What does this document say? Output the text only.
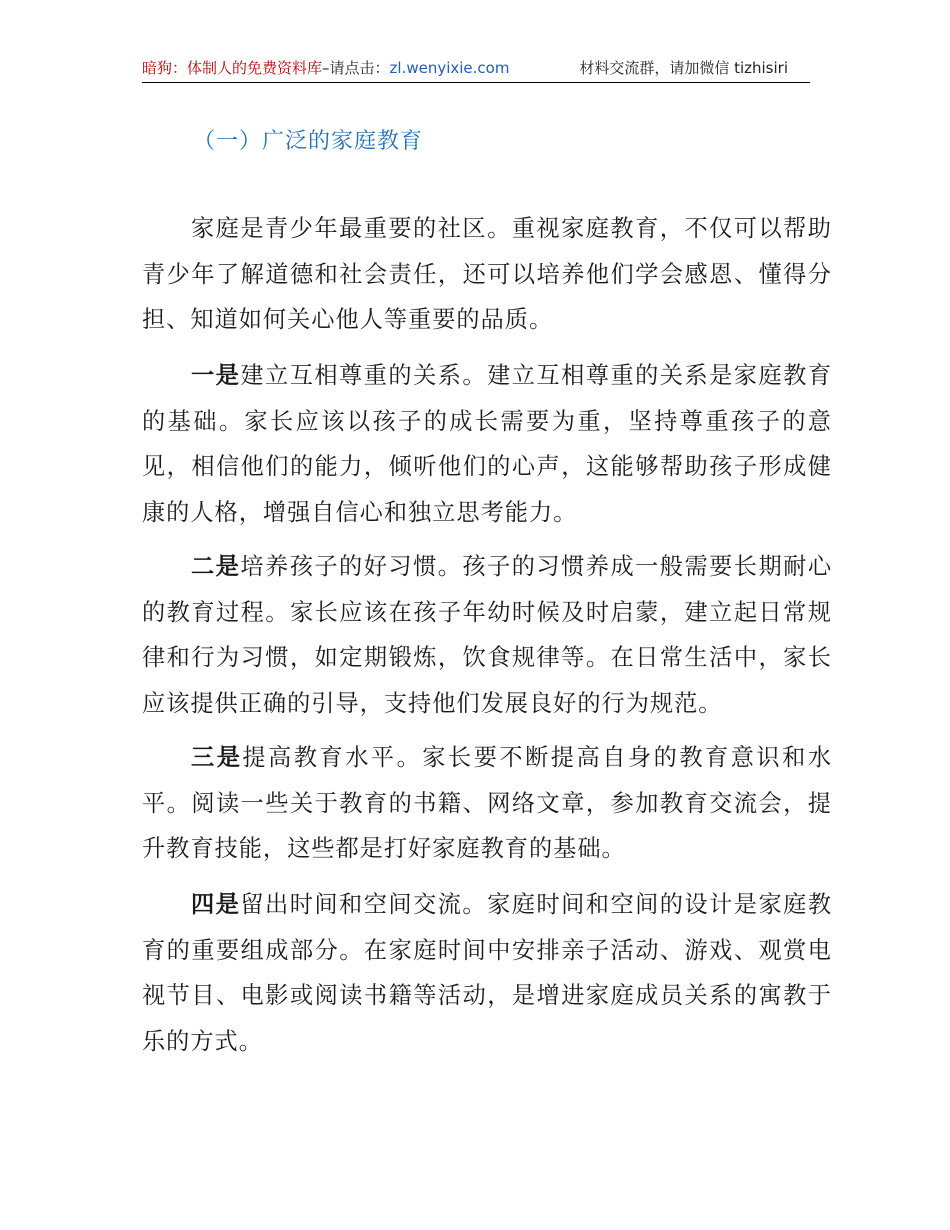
暗狗：体制人的免费资料库–请点击：zl.wenyixie.com	材料交流群，请加微信 tizhisiri
（一）广泛的家庭教育

家庭是青少年最重要的社区。重视家庭教育，不仅可以帮助青少年了解道德和社会责任，还可以培养他们学会感恩、懂得分担、知道如何关心他人等重要的品质。

一是建立互相尊重的关系。建立互相尊重的关系是家庭教育的基础。家长应该以孩子的成长需要为重，坚持尊重孩子的意见，相信他们的能力，倾听他们的心声，这能够帮助孩子形成健康的人格，增强自信心和独立思考能力。

二是培养孩子的好习惯。孩子的习惯养成一般需要长期耐心的教育过程。家长应该在孩子年幼时候及时启蒙，建立起日常规律和行为习惯，如定期锻炼，饮食规律等。在日常生活中，家长应该提供正确的引导，支持他们发展良好的行为规范。

三是提高教育水平。家长要不断提高自身的教育意识和水平。阅读一些关于教育的书籍、网络文章，参加教育交流会，提升教育技能，这些都是打好家庭教育的基础。

四是留出时间和空间交流。家庭时间和空间的设计是家庭教育的重要组成部分。在家庭时间中安排亲子活动、游戏、观赏电视节目、电影或阅读书籍等活动，是增进家庭成员关系的寓教于乐的方式。
